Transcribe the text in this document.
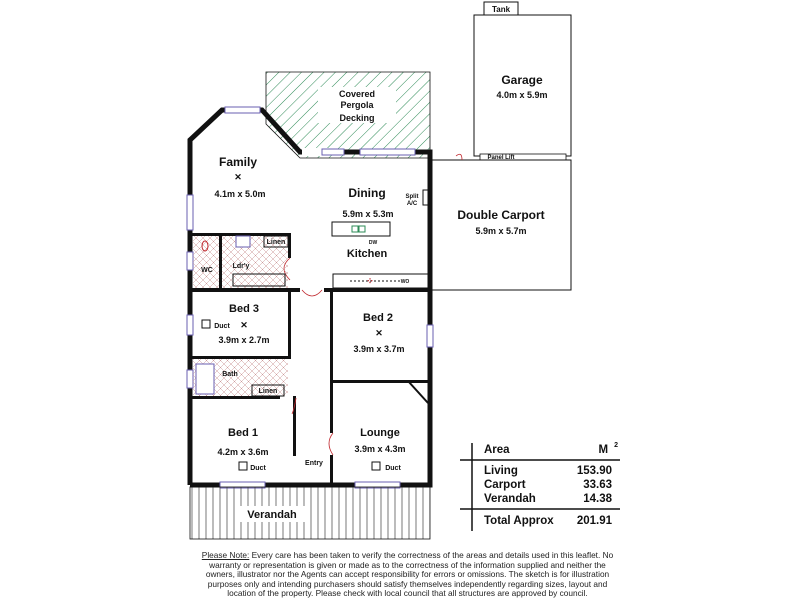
Tank
Garage
4.0m x 5.9m
Panel Lift
Double Carport
5.9m x 5.7m
Covered
Pergola
Decking
Family
✕
4.1m x 5.0m	Dining
5.9m x 5.3m
Split
A/C
DW
Kitchen
⁘	WO
WC
Ldr'y
Linen
Bed 3
✕
Duct
3.9m x 2.7m
Bed 2
✕
3.9m x 3.7m
Bath
Linen
Bed 1
4.2m x 3.6m
Duct
Lounge
3.9m x 4.3m
Duct
Entry
Verandah
Area	M $^2$
Living	153.90
Carport	33.63
Verandah	14.38
Total Approx 201.91
Please Note: Every care has been taken to verify the correctness of the areas and details used in this leaflet. No warranty or representation is given or made as to the correctness of the information supplied and neither the owners, illustrator nor the Agents can accept responsibility for errors or omissions. The sketch is for illustration purposes only and intending purchasers should satisfy themselves independently regarding sizes, layout and location of the property. Please check with local council that all structures are approved by council.
